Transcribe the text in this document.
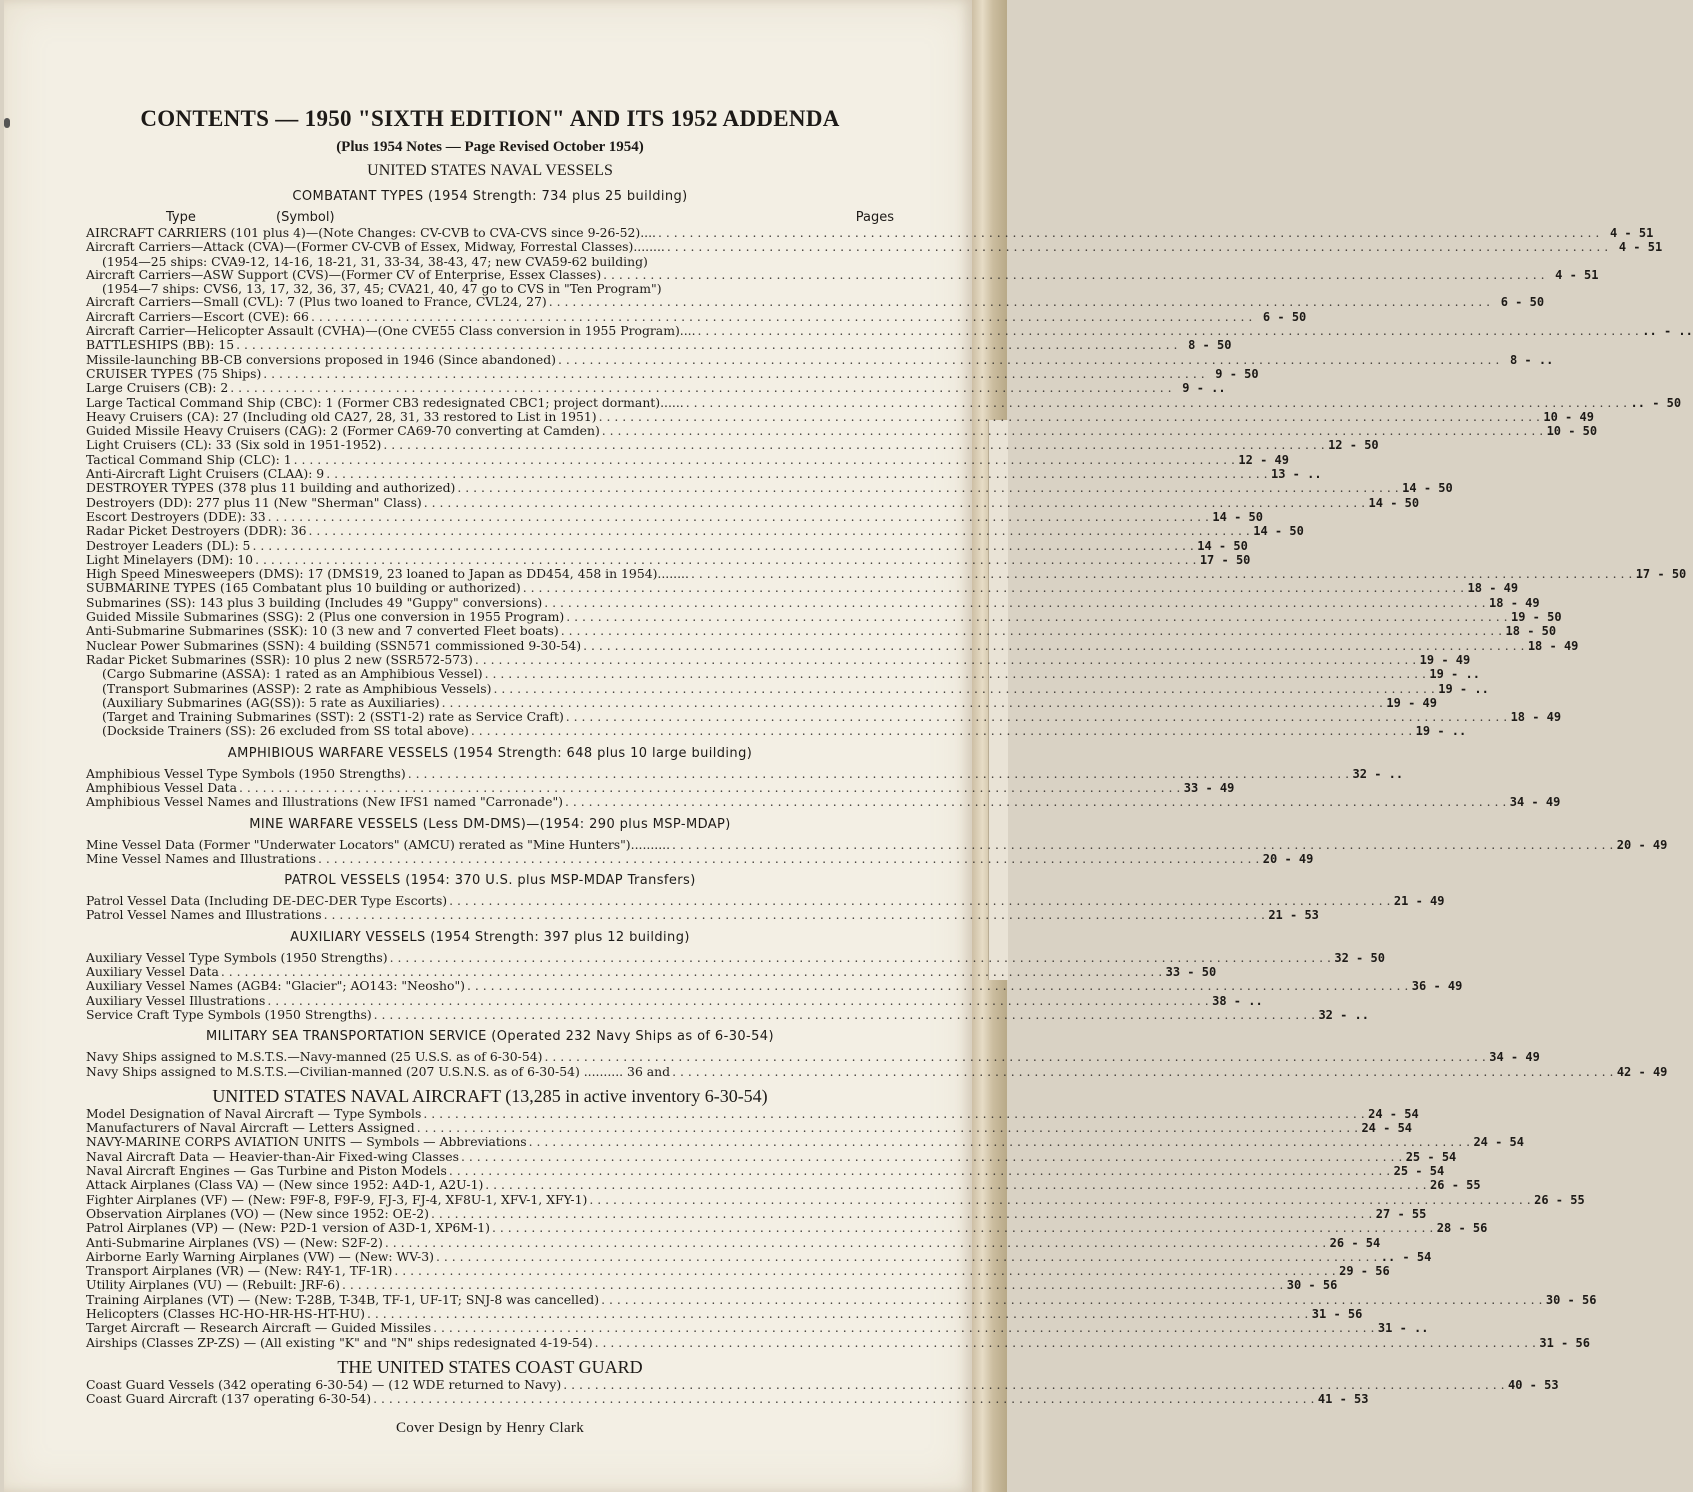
CONTENTS — 1950 "SIXTH EDITION" AND ITS 1952 ADDENDA
(Plus 1954 Notes — Page Revised October 1954)
UNITED STATES NAVAL VESSELS
COMBATANT TYPES (1954 Strength: 734 plus 25 building)
Type	(Symbol)	Pages
AIRCRAFT CARRIERS (101 plus 4)—(Note Changes: CV-CVB to CVA-CVS since 9-26-52).... . . .	4 - 51
Aircraft Carriers—Attack (CVA)—(Former CV-CVB of Essex, Midway, Forrestal Classes)........ . . .	4 - 51
(1954—25 ships: CVA9-12, 14-16, 18-21, 31, 33-34, 38-43, 47; new CVA59-62 building)
Aircraft Carriers—ASW Support (CVS)—(Former CV of Enterprise, Essex Classes) . . .	4 - 51
(1954—7 ships: CVS6, 13, 17, 32, 36, 37, 45; CVA21, 40, 47 go to CVS in "Ten Program")
Aircraft Carriers—Small (CVL): 7 (Plus two loaned to France, CVL24, 27) . . .	6 - 50
Aircraft Carriers—Escort (CVE): 66 . . .	6 - 50
Aircraft Carrier—Helicopter Assault (CVHA)—(One CVE55 Class conversion in 1955 Program).... . . .	.. - ..
BATTLESHIPS (BB): 15 . . .	8 - 50
Missile-launching BB-CB conversions proposed in 1946 (Since abandoned) . . .	8 - ..
CRUISER TYPES (75 Ships) . . .	9 - 50
Large Cruisers (CB): 2 . . .	9 - ..
Large Tactical Command Ship (CBC): 1 (Former CB3 redesignated CBC1; project dormant)...... . . .	.. - 50
Heavy Cruisers (CA): 27 (Including old CA27, 28, 31, 33 restored to List in 1951) . . .	10 - 49
Guided Missile Heavy Cruisers (CAG): 2 (Former CA69-70 converting at Camden) . . .	10 - 50
Light Cruisers (CL): 33 (Six sold in 1951-1952) . . .	12 - 50
Tactical Command Ship (CLC): 1 . . .	12 - 49
Anti-Aircraft Light Cruisers (CLAA): 9 . . .	13 - ..
DESTROYER TYPES (378 plus 11 building and authorized) . . .	14 - 50
Destroyers (DD): 277 plus 11 (New "Sherman" Class) . . .	14 - 50
Escort Destroyers (DDE): 33 . . .	14 - 50
Radar Picket Destroyers (DDR): 36 . . .	14 - 50
Destroyer Leaders (DL): 5 . . .	14 - 50
Light Minelayers (DM): 10 . . .	17 - 50
High Speed Minesweepers (DMS): 17 (DMS19, 23 loaned to Japan as DD454, 458 in 1954)........ . . .	17 - 50
SUBMARINE TYPES (165 Combatant plus 10 building or authorized) . . .	18 - 49
Submarines (SS): 143 plus 3 building (Includes 49 "Guppy" conversions) . . .	18 - 49
Guided Missile Submarines (SSG): 2 (Plus one conversion in 1955 Program) . . .	19 - 50
Anti-Submarine Submarines (SSK): 10 (3 new and 7 converted Fleet boats) . . .	18 - 50
Nuclear Power Submarines (SSN): 4 building (SSN571 commissioned 9-30-54) . . .	18 - 49
Radar Picket Submarines (SSR): 10 plus 2 new (SSR572-573) . . .	19 - 49
(Cargo Submarine (ASSA): 1 rated as an Amphibious Vessel) . . .	19 - ..
(Transport Submarines (ASSP): 2 rate as Amphibious Vessels) . . .	19 - ..
(Auxiliary Submarines (AG(SS)): 5 rate as Auxiliaries) . . .	19 - 49
(Target and Training Submarines (SST): 2 (SST1-2) rate as Service Craft) . . .	18 - 49
(Dockside Trainers (SS): 26 excluded from SS total above) . . .	19 - ..
AMPHIBIOUS WARFARE VESSELS (1954 Strength: 648 plus 10 large building)
Amphibious Vessel Type Symbols (1950 Strengths) . . .	32 - ..
Amphibious Vessel Data . . .	33 - 49
Amphibious Vessel Names and Illustrations (New IFS1 named "Carronade") . . .	34 - 49
MINE WARFARE VESSELS (Less DM-DMS)—(1954: 290 plus MSP-MDAP)
Mine Vessel Data (Former "Underwater Locators" (AMCU) rerated as "Mine Hunters").......... . . .	20 - 49
Mine Vessel Names and Illustrations . . .	20 - 49
PATROL VESSELS (1954: 370 U.S. plus MSP-MDAP Transfers)
Patrol Vessel Data (Including DE-DEC-DER Type Escorts) . . .	21 - 49
Patrol Vessel Names and Illustrations . . .	21 - 53
AUXILIARY VESSELS (1954 Strength: 397 plus 12 building)
Auxiliary Vessel Type Symbols (1950 Strengths) . . .	32 - 50
Auxiliary Vessel Data . . .	33 - 50
Auxiliary Vessel Names (AGB4: "Glacier"; AO143: "Neosho") . . .	36 - 49
Auxiliary Vessel Illustrations . . .	38 - ..
Service Craft Type Symbols (1950 Strengths) . . .	32 - ..
MILITARY SEA TRANSPORTATION SERVICE (Operated 232 Navy Ships as of 6-30-54)
Navy Ships assigned to M.S.T.S.—Navy-manned (25 U.S.S. as of 6-30-54) . . .	34 - 49
Navy Ships assigned to M.S.T.S.—Civilian-manned (207 U.S.N.S. as of 6-30-54) .......... 36 and . . .	42 - 49
UNITED STATES NAVAL AIRCRAFT (13,285 in active inventory 6-30-54)
Model Designation of Naval Aircraft — Type Symbols . . .	24 - 54
Manufacturers of Naval Aircraft — Letters Assigned . . .	24 - 54
NAVY-MARINE CORPS AVIATION UNITS — Symbols — Abbreviations . . .	24 - 54
Naval Aircraft Data — Heavier-than-Air Fixed-wing Classes . . .	25 - 54
Naval Aircraft Engines — Gas Turbine and Piston Models . . .	25 - 54
Attack Airplanes (Class VA) — (New since 1952: A4D-1, A2U-1) . . .	26 - 55
Fighter Airplanes (VF) — (New: F9F-8, F9F-9, FJ-3, FJ-4, XF8U-1, XFV-1, XFY-1) . . .	26 - 55
Observation Airplanes (VO) — (New since 1952: OE-2) . . .	27 - 55
Patrol Airplanes (VP) — (New: P2D-1 version of A3D-1, XP6M-1) . . .	28 - 56
Anti-Submarine Airplanes (VS) — (New: S2F-2) . . .	26 - 54
Airborne Early Warning Airplanes (VW) — (New: WV-3) . . .	.. - 54
Transport Airplanes (VR) — (New: R4Y-1, TF-1R) . . .	29 - 56
Utility Airplanes (VU) — (Rebuilt: JRF-6) . . .	30 - 56
Training Airplanes (VT) — (New: T-28B, T-34B, TF-1, UF-1T; SNJ-8 was cancelled) . . .	30 - 56
Helicopters (Classes HC-HO-HR-HS-HT-HU) . . .	31 - 56
Target Aircraft — Research Aircraft — Guided Missiles . . .	31 - ..
Airships (Classes ZP-ZS) — (All existing "K" and "N" ships redesignated 4-19-54) . . .	31 - 56
THE UNITED STATES COAST GUARD
Coast Guard Vessels (342 operating 6-30-54) — (12 WDE returned to Navy) . . .	40 - 53
Coast Guard Aircraft (137 operating 6-30-54) . . .	41 - 53
Cover Design by Henry Clark
